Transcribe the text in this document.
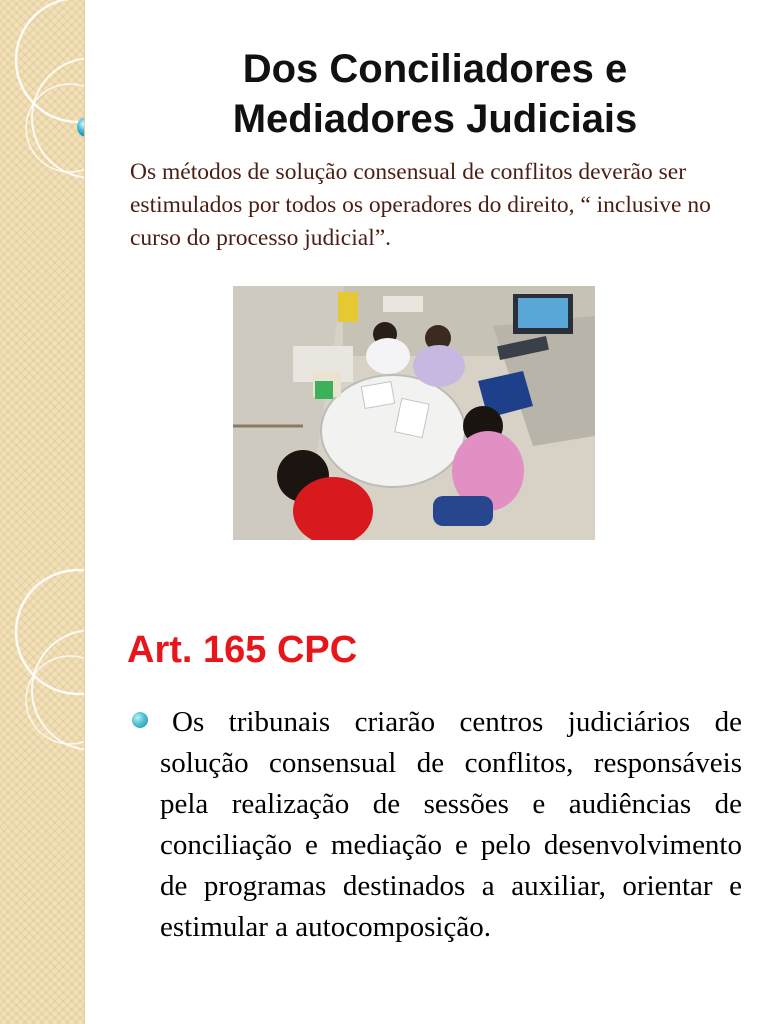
Dos Conciliadores e
Mediadores Judiciais

Os métodos de solução consensual de conflitos deverão ser estimulados por todos os operadores do direito, “ inclusive no curso do processo judicial”.

Art. 165 CPC

Os tribunais criarão centros judiciários de solução consensual de conflitos, responsáveis pela realização de sessões e audiências de conciliação e mediação e pelo desenvolvimento de programas destinados a auxiliar, orientar e estimular a autocomposição.
